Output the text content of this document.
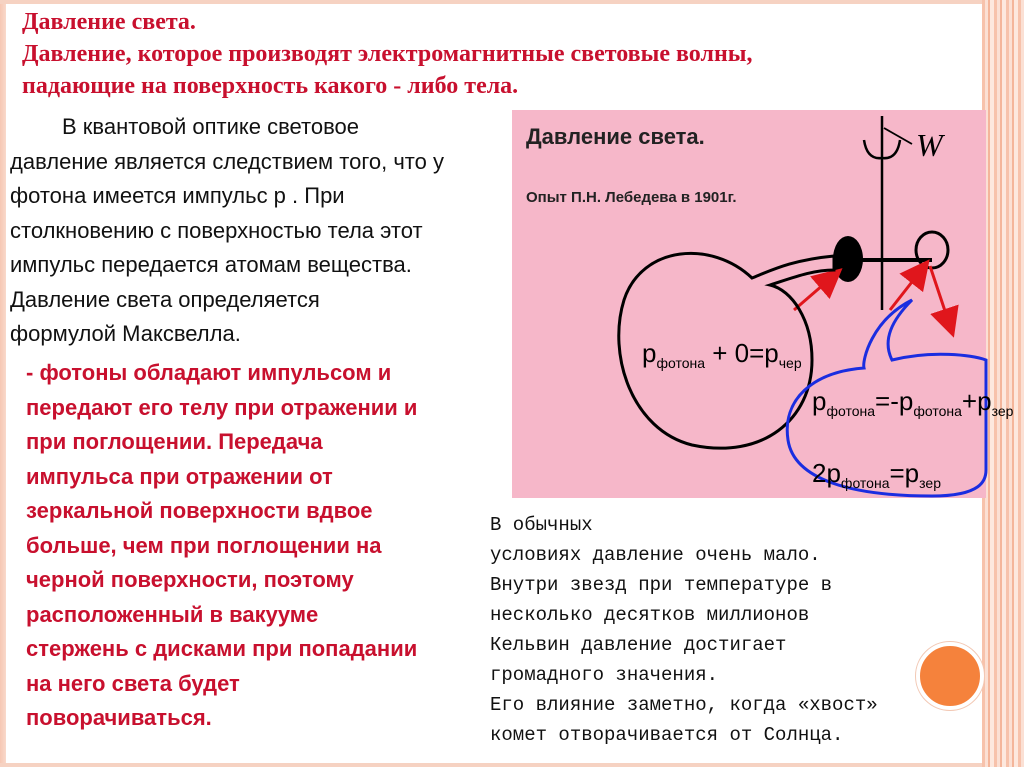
Давление света.
Давление, которое производят электромагнитные световые волны,
падающие на поверхность какого - либо тела.
В квантовой оптике световое
давление является следствием того, что у
фотона имеется импульс р . При
столкновению с поверхностью тела этот
импульс передается атомам вещества.
Давление света определяется
формулой Максвелла.
- фотоны обладают импульсом и
передают его телу при отражении и
при поглощении. Передача
импульса при отражении от
зеркальной поверхности вдвое
больше, чем при поглощении на
черной поверхности, поэтому
расположенный в вакууме
стержень с дисками при попадании
на него света будет
поворачиваться.
Давление света.
Опыт П.Н. Лебедева в 1901г.
W
$р_{фотона} + 0=р_{чер}$
$р_{фотона}=-р_{фотона}+р_{зер}$
$2р_{фотона}=р_{зер}$
В обычных
условиях давление очень мало.
Внутри звезд при температуре в
несколько десятков миллионов
Кельвин давление достигает
громадного значения.
Его влияние заметно, когда «хвост»
комет отворачивается от Солнца.
